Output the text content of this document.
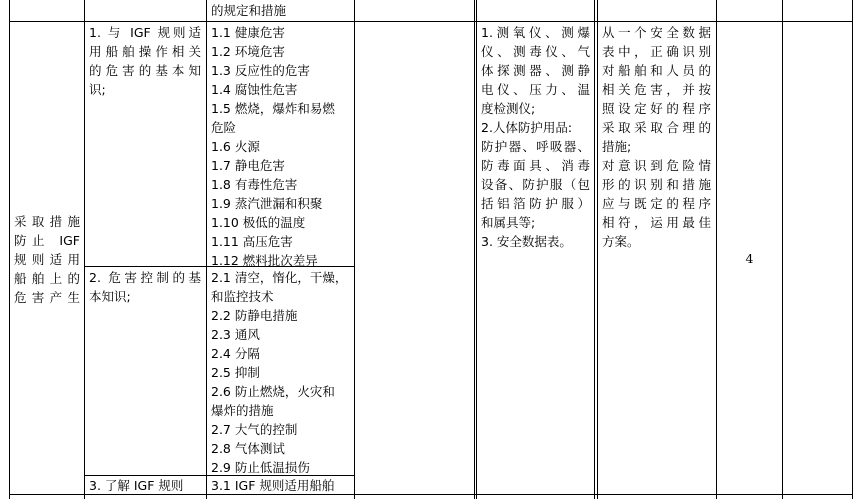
的规定和措施
采取措施
防止 IGF
规则适用
船舶上的
危害产生
1. 与 IGF 规则适
用船舶操作相关
的危害的基本知
识;
1.1 健康危害
1.2 环境危害
1.3 反应性的危害
1.4 腐蚀性危害
1.5 燃烧，爆炸和易燃
危险
1.6 火源
1.7 静电危害
1.8 有毒性危害
1.9 蒸汽泄漏和积聚
1.10 极低的温度
1.11 高压危害
1.12 燃料批次差异
2. 危害控制的基
本知识;
2.1 清空，惰化，干燥，
和监控技术
2.2 防静电措施
2.3 通风
2.4 分隔
2.5 抑制
2.6 防止燃烧，火灾和
爆炸的措施
2.7 大气的控制
2.8 气体测试
2.9 防止低温损伤
3. 了解 IGF 规则 3.1 IGF 规则适用船舶
1.测氧仪、测爆
仪、测毒仪、气
体探测器、测静
电仪、压力、温
度检测仪;
2.人体防护用品:
防护器、呼吸器、
防毒面具、消毒
设备、防护服（包
括铝箔防护服）
和属具等;
3. 安全数据表。
从一个安全数据
表中，正确识别
对船舶和人员的
相关危害，并按
照设定好的程序
采取采取合理的
措施;
对意识到危险情
形的识别和措施
应与既定的程序
相符，运用最佳
方案。
4
